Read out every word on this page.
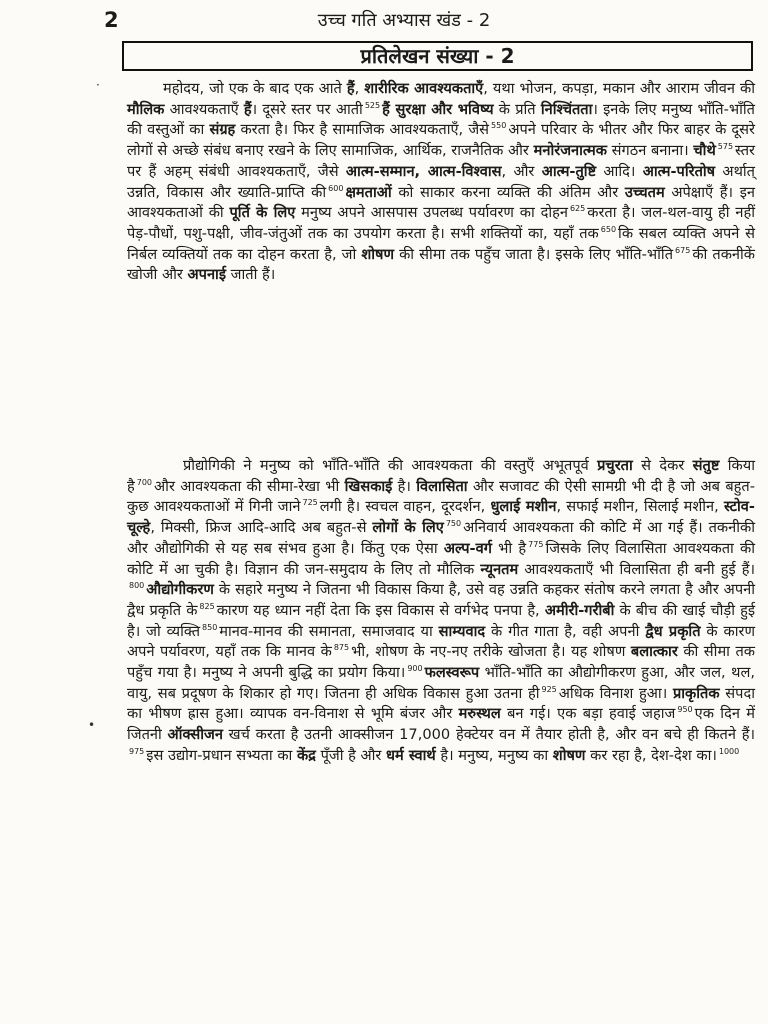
2	उच्च गति अभ्यास खंड - 2
·
•
प्रतिलेखन संख्या - 2

महोदय, जो एक के बाद एक आते हैं, शारीरिक आवश्यकताएँ, यथा भोजन, कपड़ा, मकान और आराम जीवन की मौलिक आवश्यकताएँ हैं। दूसरे स्तर पर आती $^{525}$ हैं सुरक्षा और भविष्य के प्रति निश्चिंतता। इनके लिए मनुष्य भाँति-भाँति की वस्तुओं का संग्रह करता है। फिर है सामाजिक आवश्यकताएँ, जैसे $^{550}$ अपने परिवार के भीतर और फिर बाहर के दूसरे लोगों से अच्छे संबंध बनाए रखने के लिए सामाजिक, आर्थिक, राजनैतिक और मनोरंजनात्मक संगठन बनाना। चौथे $^{575}$ स्तर पर हैं अहम् संबंधी आवश्यकताएँ, जैसे आत्म-सम्मान, आत्म-विश्वास, और आत्म-तुष्टि आदि। आत्म-परितोष अर्थात् उन्नति, विकास और ख्याति-प्राप्ति की $^{600}$ क्षमताओं को साकार करना व्यक्ति की अंतिम और उच्चतम अपेक्षाएँ हैं। इन आवश्यकताओं की पूर्ति के लिए मनुष्य अपने आसपास उपलब्ध पर्यावरण का दोहन $^{625}$ करता है। जल-थल-वायु ही नहीं पेड़-पौधों, पशु-पक्षी, जीव-जंतुओं तक का उपयोग करता है। सभी शक्तियों का, यहाँ तक $^{650}$ कि सबल व्यक्ति अपने से निर्बल व्यक्तियों तक का दोहन करता है, जो शोषण की सीमा तक पहुँच जाता है। इसके लिए भाँति-भाँति $^{675}$ की तकनीकें खोजी और अपनाई जाती हैं।

प्रौद्योगिकी ने मनुष्य को भाँति-भाँति की आवश्यकता की वस्तुएँ अभूतपूर्व प्रचुरता से देकर संतुष्ट किया है $^{700}$ और आवश्यकता की सीमा-रेखा भी खिसकाई है। विलासिता और सजावट की ऐसी सामग्री भी दी है जो अब बहुत-कुछ आवश्यकताओं में गिनी जाने $^{725}$ लगी है। स्वचल वाहन, दूरदर्शन, धुलाई मशीन, सफाई मशीन, सिलाई मशीन, स्टोव-चूल्हे, मिक्सी, फ्रिज आदि-आदि अब बहुत-से लोगों के लिए $^{750}$ अनिवार्य आवश्यकता की कोटि में आ गई हैं। तकनीकी और औद्योगिकी से यह सब संभव हुआ है। किंतु एक ऐसा अल्प-वर्ग भी है $^{775}$ जिसके लिए विलासिता आवश्यकता की कोटि में आ चुकी है। विज्ञान की जन-समुदाय के लिए तो मौलिक न्यूनतम आवश्यकताएँ भी विलासिता ही बनी हुई हैं।$^{800}$ औद्योगीकरण के सहारे मनुष्य ने जितना भी विकास किया है, उसे वह उन्नति कहकर संतोष करने लगता है और अपनी द्वैध प्रकृति के $^{825}$ कारण यह ध्यान नहीं देता कि इस विकास से वर्गभेद पनपा है, अमीरी-गरीबी के बीच की खाई चौड़ी हुई है। जो व्यक्ति $^{850}$ मानव-मानव की समानता, समाजवाद या साम्यवाद के गीत गाता है, वही अपनी द्वैध प्रकृति के कारण अपने पर्यावरण, यहाँ तक कि मानव के $^{875}$ भी, शोषण के नए-नए तरीके खोजता है। यह शोषण बलात्कार की सीमा तक पहुँच गया है। मनुष्य ने अपनी बुद्धि का प्रयोग किया। $^{900}$ फलस्वरूप भाँति-भाँति का औद्योगीकरण हुआ, और जल, थल, वायु, सब प्रदूषण के शिकार हो गए। जितना ही अधिक विकास हुआ उतना ही $^{925}$ अधिक विनाश हुआ। प्राकृतिक संपदा का भीषण ह्रास हुआ। व्यापक वन-विनाश से भूमि बंजर और मरुस्थल बन गई। एक बड़ा हवाई जहाज $^{950}$ एक दिन में जितनी ऑक्सीजन खर्च करता है उतनी आक्सीजन 17,000 हेक्टेयर वन में तैयार होती है, और वन बचे ही कितने हैं।$^{975}$ इस उद्योग-प्रधान सभ्यता का केंद्र पूँजी है और धर्म स्वार्थ है। मनुष्य, मनुष्य का शोषण कर रहा है, देश-देश का। $^{1000}$
